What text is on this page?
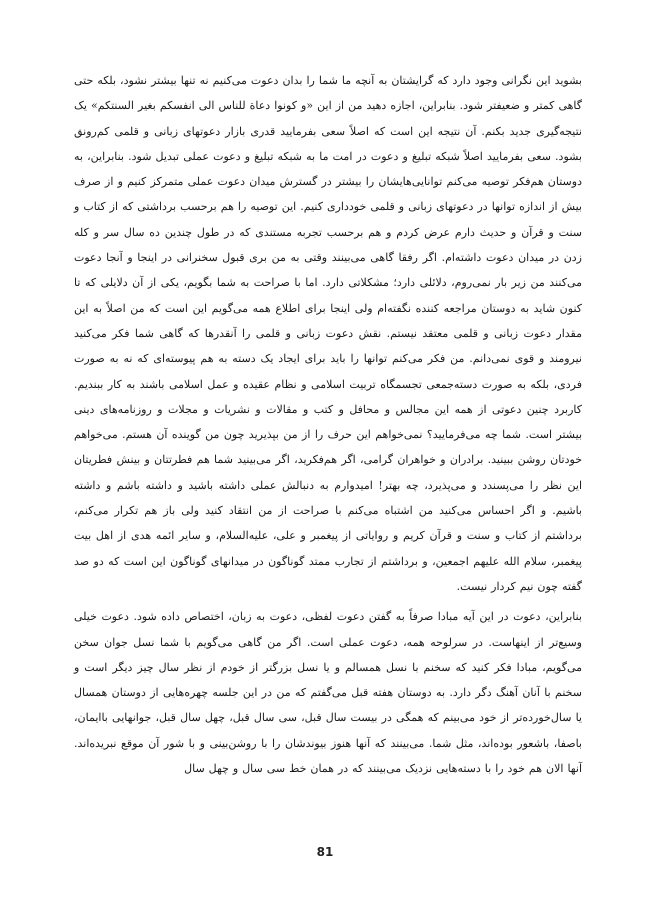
بشوید این نگرانی وجود دارد که گرایشتان به آنچه ما شما را بدان دعوت می‌کنیم نه تنها بیشتر نشود، بلکه حتی گاهی کمتر و ضعیفتر شود. بنابراین، اجازه دهید من از این «و کونوا دعاة للناس الی انفسکم بغیر السنتکم» یک نتیجه‌گیری جدید بکنم. آن نتیجه این است که اصلاً سعی بفرمایید قدری بازار دعوتهای زبانی و قلمی کم‌رونق بشود. سعی بفرمایید اصلاً شبکه تبلیغ و دعوت در امت ما به شبکه تبلیغ و دعوت عملی تبدیل شود. بنابراین، به دوستان هم‌فکر توصیه می‌کنم توانایی‌هایشان را بیشتر در گسترش میدان دعوت عملی متمرکز کنیم و از صرف بیش از اندازه توانها در دعوتهای زبانی و قلمی خودداری کنیم. این توصیه را هم برحسب برداشتی که از کتاب و سنت و قرآن و حدیث دارم عرض کردم و هم برحسب تجربه مستندی که در طول چندین ده سال سر و کله زدن در میدان دعوت داشته‌ام. اگر رفقا گاهی می‌بینند وقتی به من بری قبول سخنرانی در اینجا و آنجا دعوت می‌کنند من زیر بار نمی‌روم، دلائلی دارد؛ مشکلاتی دارد. اما با صراحت به شما بگویم، یکی از آن دلایلی که تا کنون شاید به دوستان مراجعه کننده نگفته‌ام ولی اینجا برای اطلاع همه می‌گویم این است که من اصلاً به این مقدار دعوت زبانی و قلمی معتقد نیستم. نقش دعوت زبانی و قلمی را آنقدرها که گاهی شما فکر می‌کنید نیرومند و قوی نمی‌دانم. من فکر می‌کنم توانها را باید برای ایجاد یک دسته به هم پیوسته‌ای که نه به صورت فردی، بلکه به صورت دسته‌جمعی تجسمگاه تربیت اسلامی و نظام عقیده و عمل اسلامی باشند به کار ببندیم. کاربرد چنین دعوتی از همه این مجالس و محافل و کتب و مقالات و نشریات و مجلات و روزنامه‌های دینی بیشتر است. شما چه می‌فرمایید؟ نمی‌خواهم این حرف را از من بپذیرید چون من گوینده آن هستم. می‌خواهم خودتان روشن ببینید. برادران و خواهران گرامی، اگر هم‌فکرید، اگر می‌بینید شما هم فطرتتان و بینش فطریتان این نظر را می‌پسندد و می‌پذیرد، چه بهتر! امیدوارم به دنبالش عملی داشته باشید و داشته باشم و داشته باشیم. و اگر احساس می‌کنید من اشتباه می‌کنم با صراحت از من انتقاد کنید ولی باز هم تکرار می‌کنم، برداشتم از کتاب و سنت و قرآن کریم و روایاتی از پیغمبر و علی، علیه‌السلام، و سایر ائمه هدی از اهل بیت پیغمبر، سلام الله علیهم اجمعین، و برداشتم از تجارب ممتد گوناگون در میدانهای گوناگون این است که دو صد گفته چون نیم کردار نیست.

بنابراین، دعوت در این آیه مبادا صرفاً به گفتن دعوت لفظی، دعوت به زبان، اختصاص داده شود. دعوت خیلی وسیع‌تر از اینهاست. در سرلوحه همه، دعوت عملی است. اگر من گاهی می‌گویم با شما نسل جوان سخن می‌گویم، مبادا فکر کنید که سخنم با نسل همسالم و یا نسل بزرگتر از خودم از نظر سال چیز دیگر است و سخنم با آنان آهنگ دگر دارد. به دوستان هفته قبل می‌گفتم که من در این جلسه چهره‌هایی از دوستان همسال یا سال‌خورده‌تر از خود می‌بینم که همگی در بیست سال قبل، سی سال قبل، چهل سال قبل، جوانهایی باایمان، باصفا، باشعور بوده‌اند، مثل شما. می‌بینند که آنها هنوز بیوندشان را با روشن‌بینی و با شور آن موقع نبریده‌اند. آنها الان هم خود را با دسته‌هایی نزدیک می‌بینند که در همان خط سی سال و چهل سال

81
